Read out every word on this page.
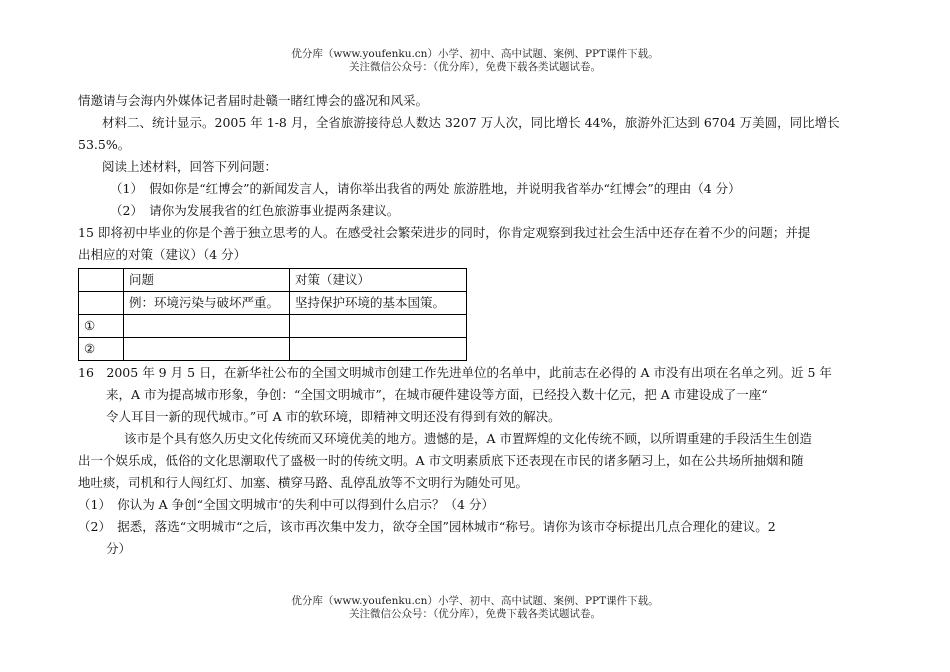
优分库（www.youfenku.cn）小学、初中、高中试题、案例、PPT课件下载。
关注微信公众号：（优分库），免费下载各类试题试卷。
情邀请与会海内外媒体记者届时赴赣一睹红博会的盛况和风采。
材料二、统计显示。2005 年 1-8 月，全省旅游接待总人数达 3207 万人次，同比增长 44%，旅游外汇达到 6704 万美圆，同比增长
53.5%。
阅读上述材料，回答下列问题：
（1）　假如你是“红博会”的新闻发言人，请你举出我省的两处 旅游胜地，并说明我省举办“红博会”的理由（4 分）
（2）　请你为发展我省的红色旅游事业提两条建议。
15 即将初中毕业的你是个善于独立思考的人。在感受社会繁荣进步的同时，你肯定观察到我过社会生活中还存在着不少的问题；并提
出相应的对策（建议）（4 分）
	问题	对策（建议）
	例：环境污染与破坏严重。	坚持保护环境的基本国策。
①		
②		
16　2005 年 9 月 5 日，在新华社公布的全国文明城市创建工作先进单位的名单中，此前志在必得的 A 市没有出项在名单之列。近 5 年
来，A 市为提高城市形象，争创：“全国文明城市”，在城市硬件建设等方面，已经投入数十亿元，把 A 市建设成了一座“
令人耳目一新的现代城市。”可 A 市的软环境，即精神文明还没有得到有效的解决。
该市是个具有悠久历史文化传统而又环境优美的地方。遗憾的是，A 市置辉煌的文化传统不顾，以所谓重建的手段活生生创造
出一个娱乐成，低俗的文化思潮取代了盛极一时的传统文明。A 市文明素质底下还表现在市民的诸多陋习上，如在公共场所抽烟和随
地吐痰，司机和行人闯红灯、加塞、横穿马路、乱停乱放等不文明行为随处可见。
（1）　你认为 A 争创“全国文明城市‘的失利中可以得到什么启示？（4 分）
（2）　据悉，落选“文明城市“之后，该市再次集中发力，欲夺全国”园林城市“称号。请你为该市夺标提出几点合理化的建议。2
分）
优分库（www.youfenku.cn）小学、初中、高中试题、案例、PPT课件下载。
关注微信公众号：（优分库），免费下载各类试题试卷。
